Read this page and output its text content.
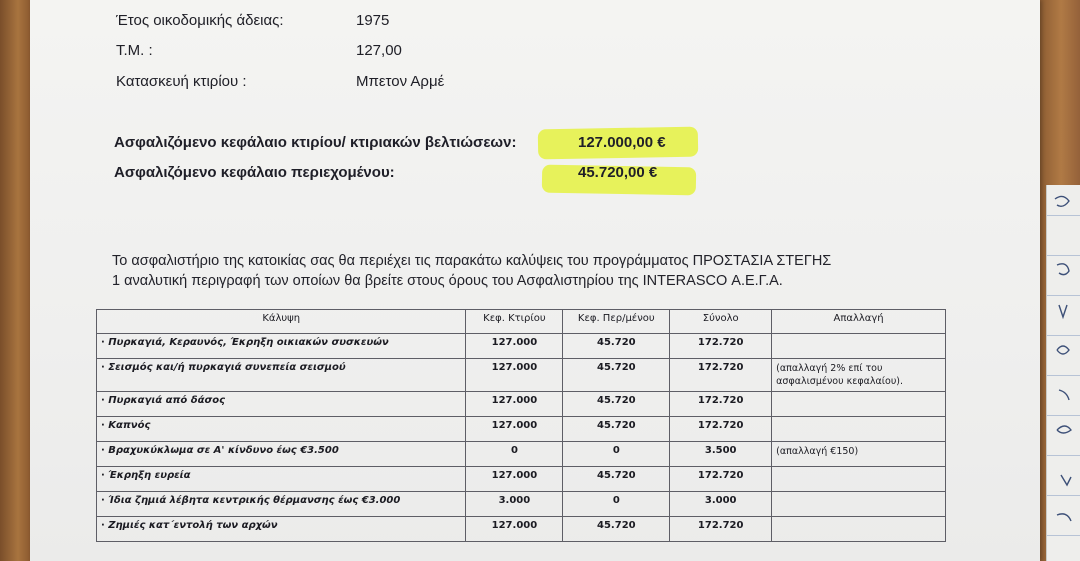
Έτος οικοδομικής άδειας:	1975
Τ.Μ. :	127,00
Κατασκευή κτιρίου :	Μπετον Αρμέ
Ασφαλιζόμενο κεφάλαιο κτιρίου/ κτιριακών βελτιώσεων:	127.000,00 €
Ασφαλιζόμενο κεφάλαιο περιεχομένου:	45.720,00 €
Το ασφαλιστήριο της κατοικίας σας θα περιέχει τις παρακάτω καλύψεις του προγράμματος ΠΡΟΣΤΑΣΙΑ ΣΤΕΓΗΣ
1 αναλυτική περιγραφή των οποίων θα βρείτε στους όρους του Ασφαλιστηρίου της INTERASCO Α.Ε.Γ.Α.
Κάλυψη	Κεφ. Κτιρίου	Κεφ. Περ/μένου	Σύνολο	Απαλλαγή
· Πυρκαγιά, Κεραυνός, Έκρηξη οικιακών συσκευών	127.000	45.720	172.720	
· Σεισμός και/ή πυρκαγιά συνεπεία σεισμού	127.000	45.720	172.720	(απαλλαγή 2% επί του ασφαλισμένου κεφαλαίου).
· Πυρκαγιά από δάσος	127.000	45.720	172.720	
· Καπνός	127.000	45.720	172.720	
· Βραχυκύκλωμα σε Α' κίνδυνο έως €3.500	0	0	3.500	(απαλλαγή €150)
· Έκρηξη ευρεία	127.000	45.720	172.720	
· Ίδια ζημιά λέβητα κεντρικής θέρμανσης έως €3.000	3.000	0	3.000	
· Ζημιές κατ΄εντολή των αρχών	127.000	45.720	172.720	
